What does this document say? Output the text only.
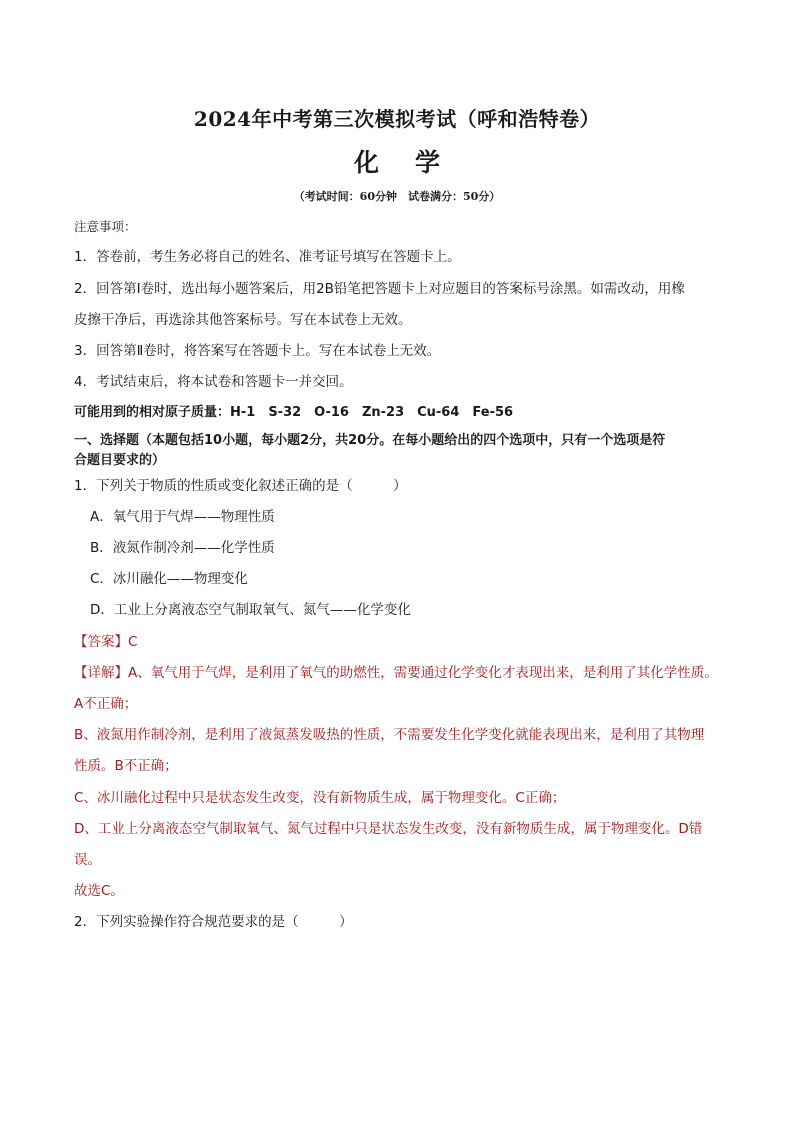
2024年中考第三次模拟考试（呼和浩特卷）
化 学
（考试时间：60分钟　试卷满分：50分）
注意事项：
1．答卷前，考生务必将自己的姓名、准考证号填写在答题卡上。
2．回答第Ⅰ卷时，选出每小题答案后，用2B铅笔把答题卡上对应题目的答案标号涂黑。如需改动，用橡
皮擦干净后，再选涂其他答案标号。写在本试卷上无效。
3．回答第Ⅱ卷时，将答案写在答题卡上。写在本试卷上无效。
4．考试结束后，将本试卷和答题卡一并交回。
可能用到的相对原子质量：H-1　S-32　O-16　Zn-23　Cu-64　Fe-56
一、选择题（本题包括10小题，每小题2分，共20分。在每小题给出的四个选项中，只有一个选项是符
合题目要求的）
1．下列关于物质的性质或变化叙述正确的是（　　　）
A．氧气用于气焊——物理性质
B．液氮作制冷剂——化学性质
C．冰川融化——物理变化
D．工业上分离液态空气制取氧气、氮气——化学变化
【答案】C
【详解】A、氧气用于气焊，是利用了氧气的助燃性，需要通过化学变化才表现出来，是利用了其化学性质。
A不正确；
B、液氮用作制冷剂，是利用了液氮蒸发吸热的性质，不需要发生化学变化就能表现出来，是利用了其物理
性质。B不正确；
C、冰川融化过程中只是状态发生改变，没有新物质生成，属于物理变化。C正确；
D、工业上分离液态空气制取氧气、氮气过程中只是状态发生改变，没有新物质生成，属于物理变化。D错
误。
故选C。
2．下列实验操作符合规范要求的是（　　　）
